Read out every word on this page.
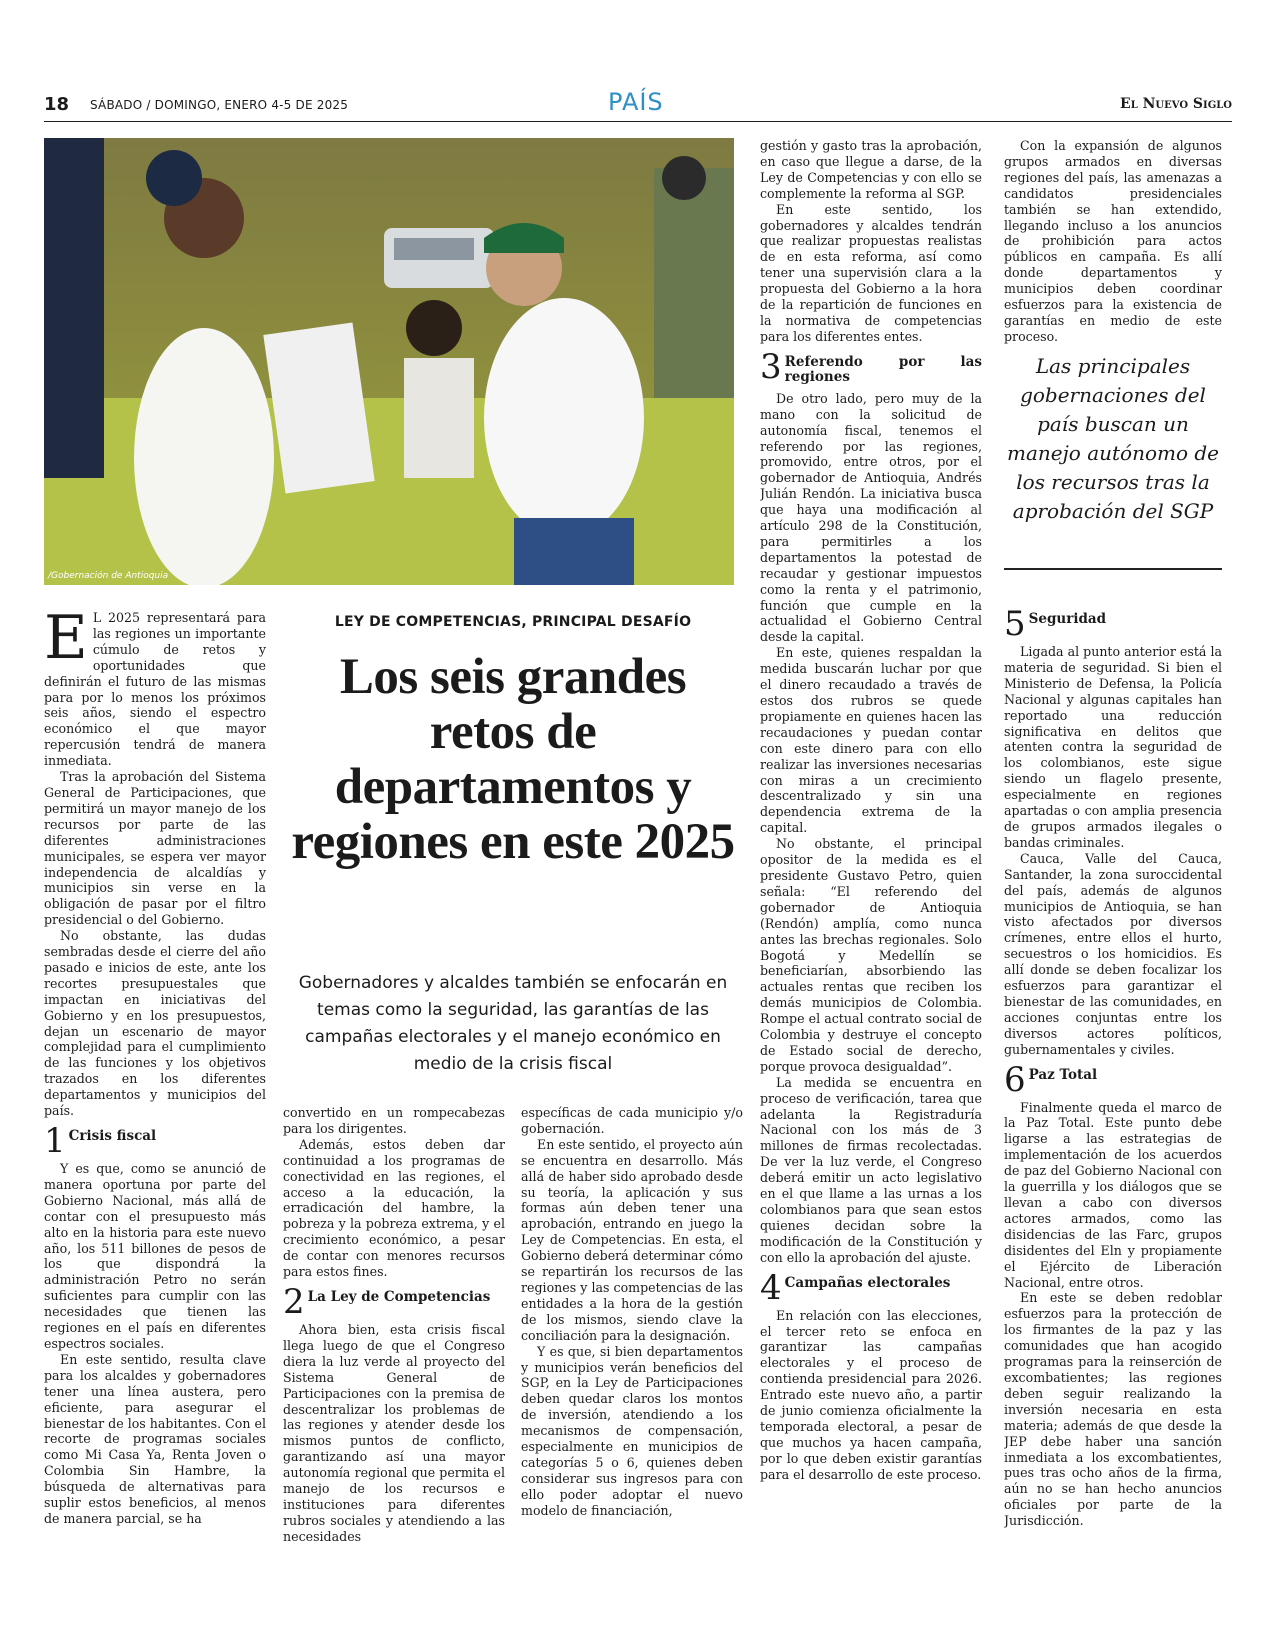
18 SÁBADO / DOMINGO, ENERO 4-5 DE 2025	PAÍS	El Nuevo Siglo
/Gobernación de Antioquia
LEY DE COMPETENCIAS, PRINCIPAL DESAFÍO
Los seis grandes retos de departamentos y regiones en este 2025
Gobernadores y alcaldes también se enfocarán en temas como la seguridad, las garantías de las campañas electorales y el manejo económico en medio de la crisis fiscal

E L 2025 representará para las regiones un importante cúmulo de retos y oportunidades que definirán el futuro de las mismas para por lo menos los próximos seis años, siendo el espectro económico el que mayor repercusión tendrá de manera inmediata.

Tras la aprobación del Sistema General de Participaciones, que permitirá un mayor manejo de los recursos por parte de las diferentes administraciones municipales, se espera ver mayor independencia de alcaldías y municipios sin verse en la obligación de pasar por el filtro presidencial o del Gobierno.

No obstante, las dudas sembradas desde el cierre del año pasado e inicios de este, ante los recortes presupuestales que impactan en iniciativas del Gobierno y en los presupuestos, dejan un escenario de mayor complejidad para el cumplimiento de las funciones y los objetivos trazados en los diferentes departamentos y municipios del país.

1 Crisis fiscal

Y es que, como se anunció de manera oportuna por parte del Gobierno Nacional, más allá de contar con el presupuesto más alto en la historia para este nuevo año, los 511 billones de pesos de los que dispondrá la administración Petro no serán suficientes para cumplir con las necesidades que tienen las regiones en el país en diferentes espectros sociales.

En este sentido, resulta clave para los alcaldes y gobernadores tener una línea austera, pero eficiente, para asegurar el bienestar de los habitantes. Con el recorte de programas sociales como Mi Casa Ya, Renta Joven o Colombia Sin Hambre, la búsqueda de alternativas para suplir estos beneficios, al menos de manera parcial, se ha

convertido en un rompecabezas para los dirigentes.

Además, estos deben dar continuidad a los programas de conectividad en las regiones, el acceso a la educación, la erradicación del hambre, la pobreza y la pobreza extrema, y el crecimiento económico, a pesar de contar con menores recursos para estos fines.

2 La Ley de Competencias

Ahora bien, esta crisis fiscal llega luego de que el Congreso diera la luz verde al proyecto del Sistema General de Participaciones con la premisa de descentralizar los problemas de las regiones y atender desde los mismos puntos de conflicto, garantizando así una mayor autonomía regional que permita el manejo de los recursos e instituciones para diferentes rubros sociales y atendiendo a las necesidades

específicas de cada municipio y/o gobernación.

En este sentido, el proyecto aún se encuentra en desarrollo. Más allá de haber sido aprobado desde su teoría, la aplicación y sus formas aún deben tener una aprobación, entrando en juego la Ley de Competencias. En esta, el Gobierno deberá determinar cómo se repartirán los recursos de las regiones y las competencias de las entidades a la hora de la gestión de los mismos, siendo clave la conciliación para la designación.

Y es que, si bien departamentos y municipios verán beneficios del SGP, en la Ley de Participaciones deben quedar claros los montos de inversión, atendiendo a los mecanismos de compensación, especialmente en municipios de categorías 5 o 6, quienes deben considerar sus ingresos para con ello poder adoptar el nuevo modelo de financiación,

gestión y gasto tras la aprobación, en caso que llegue a darse, de la Ley de Competencias y con ello se complemente la reforma al SGP.

En este sentido, los gobernadores y alcaldes tendrán que realizar propuestas realistas de en esta reforma, así como tener una supervisión clara a la propuesta del Gobierno a la hora de la repartición de funciones en la normativa de competencias para los diferentes entes.

3 Referendo por las regiones

De otro lado, pero muy de la mano con la solicitud de autonomía fiscal, tenemos el referendo por las regiones, promovido, entre otros, por el gobernador de Antioquia, Andrés Julián Rendón. La iniciativa busca que haya una modificación al artículo 298 de la Constitución, para permitirles a los departamentos la potestad de recaudar y gestionar impuestos como la renta y el patrimonio, función que cumple en la actualidad el Gobierno Central desde la capital.

En este, quienes respaldan la medida buscarán luchar por que el dinero recaudado a través de estos dos rubros se quede propiamente en quienes hacen las recaudaciones y puedan contar con este dinero para con ello realizar las inversiones necesarias con miras a un crecimiento descentralizado y sin una dependencia extrema de la capital.

No obstante, el principal opositor de la medida es el presidente Gustavo Petro, quien señala: “El referendo del gobernador de Antioquia (Rendón) amplía, como nunca antes las brechas regionales. Solo Bogotá y Medellín se beneficiarían, absorbiendo las actuales rentas que reciben los demás municipios de Colombia. Rompe el actual contrato social de Colombia y destruye el concepto de Estado social de derecho, porque provoca desigualdad”.

La medida se encuentra en proceso de verificación, tarea que adelanta la Registraduría Nacional con los más de 3 millones de firmas recolectadas. De ver la luz verde, el Congreso deberá emitir un acto legislativo en el que llame a las urnas a los colombianos para que sean estos quienes decidan sobre la modificación de la Constitución y con ello la aprobación del ajuste.

4 Campañas electorales

En relación con las elecciones, el tercer reto se enfoca en garantizar las campañas electorales y el proceso de contienda presidencial para 2026. Entrado este nuevo año, a partir de junio comienza oficialmente la temporada electoral, a pesar de que muchos ya hacen campaña, por lo que deben existir garantías para el desarrollo de este proceso.

Con la expansión de algunos grupos armados en diversas regiones del país, las amenazas a candidatos presidenciales también se han extendido, llegando incluso a los anuncios de prohibición para actos públicos en campaña. Es allí donde departamentos y municipios deben coordinar esfuerzos para la existencia de garantías en medio de este proceso.

Las principales gobernaciones del país buscan un manejo autónomo de los recursos tras la aprobación del SGP
5 Seguridad

Ligada al punto anterior está la materia de seguridad. Si bien el Ministerio de Defensa, la Policía Nacional y algunas capitales han reportado una reducción significativa en delitos que atenten contra la seguridad de los colombianos, este sigue siendo un flagelo presente, especialmente en regiones apartadas o con amplia presencia de grupos armados ilegales o bandas criminales.

Cauca, Valle del Cauca, Santander, la zona suroccidental del país, además de algunos municipios de Antioquia, se han visto afectados por diversos crímenes, entre ellos el hurto, secuestros o los homicidios. Es allí donde se deben focalizar los esfuerzos para garantizar el bienestar de las comunidades, en acciones conjuntas entre los diversos actores políticos, gubernamentales y civiles.

6 Paz Total

Finalmente queda el marco de la Paz Total. Este punto debe ligarse a las estrategias de implementación de los acuerdos de paz del Gobierno Nacional con la guerrilla y los diálogos que se llevan a cabo con diversos actores armados, como las disidencias de las Farc, grupos disidentes del Eln y propiamente el Ejército de Liberación Nacional, entre otros.

En este se deben redoblar esfuerzos para la protección de los firmantes de la paz y las comunidades que han acogido programas para la reinserción de excombatientes; las regiones deben seguir realizando la inversión necesaria en esta materia; además de que desde la JEP debe haber una sanción inmediata a los excombatientes, pues tras ocho años de la firma, aún no se han hecho anuncios oficiales por parte de la Jurisdicción.
